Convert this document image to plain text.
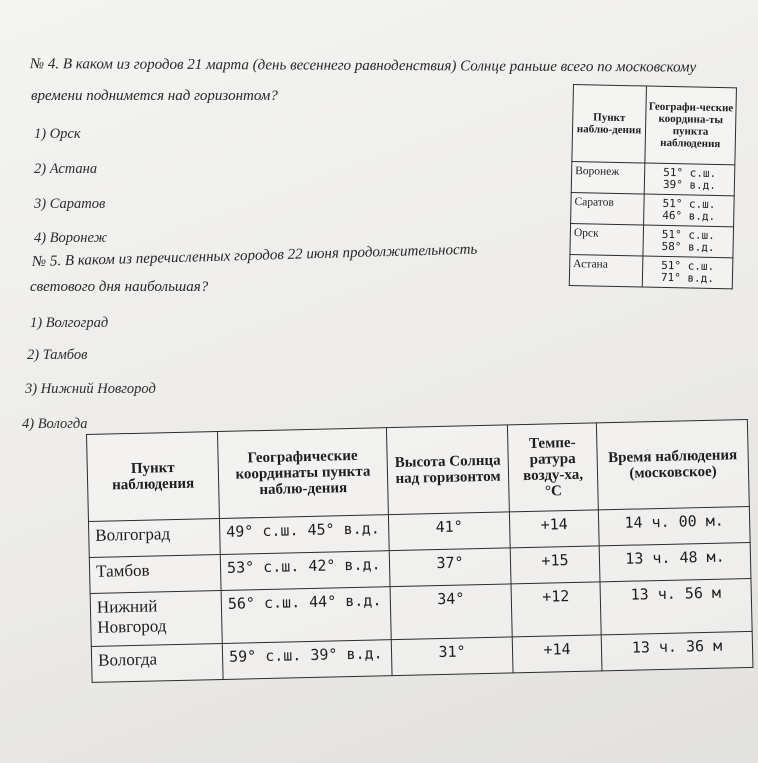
№ 4. В каком из городов 21 марта (день весеннего равноденствия) Солнце раньше всего по московскому
времени поднимется над горизонтом?
1) Орск
2) Астана
3) Саратов
4) Воронеж
№ 5. В каком из перечисленных городов 22 июня продолжительность
светового дня наибольшая?
1) Волгоград
2) Тамбов
3) Нижний Новгород
4) Вологда
Пункт наблю-дения	Географи-ческие координа-ты пункта наблюдения
Воронеж	51° с.ш.
39° в.д.
Саратов	51° с.ш.
46° в.д.
Орск	51° с.ш.
58° в.д.
Астана	51° с.ш.
71° в.д.
Пункт наблюдения	Географические координаты пункта наблю-дения	Высота Солнца над горизонтом	Темпе-ратура возду-ха, °С	Время наблюдения (московское)
Волгоград	49° с.ш. 45° в.д.	41°	+14	14 ч. 00 м.
Тамбов	53° с.ш. 42° в.д.	37°	+15	13 ч. 48 м.
Нижний Новгород	56° с.ш. 44° в.д.	34°	+12	13 ч. 56 м
Вологда	59° с.ш. 39° в.д.	31°	+14	13 ч. 36 м
